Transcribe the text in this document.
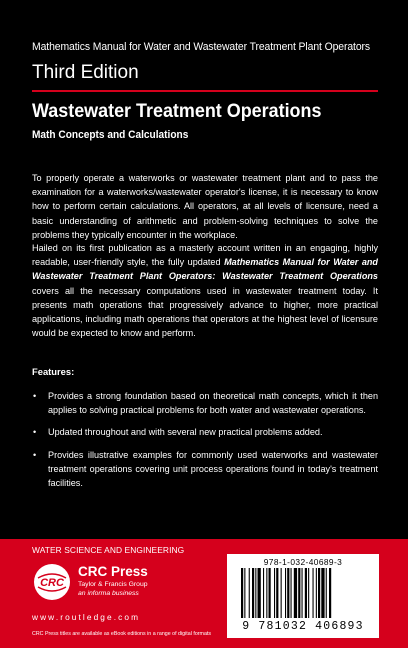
Mathematics Manual for Water and Wastewater Treatment Plant Operators
Third Edition
Wastewater Treatment Operations
Math Concepts and Calculations

To properly operate a waterworks or wastewater treatment plant and to pass the examination for a waterworks/wastewater operator's license, it is necessary to know how to perform certain calculations. All operators, at all levels of licensure, need a basic understanding of arithmetic and problem-solving techniques to solve the problems they typically encounter in the workplace.

Hailed on its first publication as a masterly account written in an engaging, highly readable, user-friendly style, the fully updated Mathematics Manual for Water and Wastewater Treatment Plant Operators: Wastewater Treatment Operations covers all the necessary computations used in wastewater treatment today. It presents math operations that progressively advance to higher, more practical applications, including math operations that operators at the highest level of licensure would be expected to know and perform.

Features:
• Provides a strong foundation based on theoretical math concepts, which it then applies to solving practical problems for both water and wastewater operations.
• Updated throughout and with several new practical problems added.
• Provides illustrative examples for commonly used waterworks and wastewater treatment operations covering unit process operations found in today's treatment facilities.
WATER SCIENCE AND ENGINEERING
CRC
CRC Press
Taylor & Francis Group
an informa business
www.routledge.com
CRC Press titles are available as eBook editions in a range of digital formats
978-1-032-40689-3
9 781032 406893
